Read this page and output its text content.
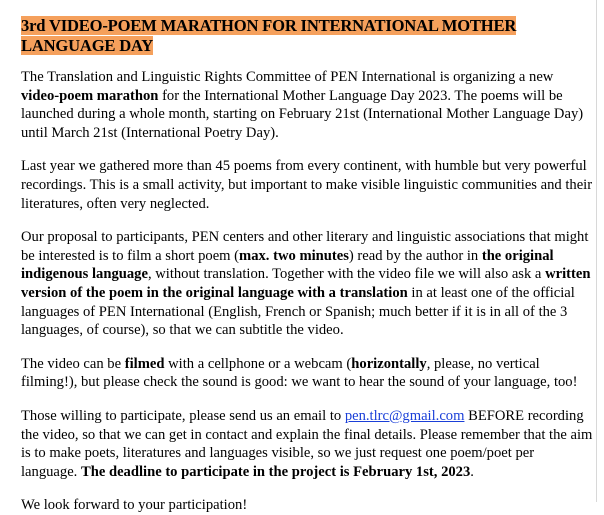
3rd VIDEO-POEM MARATHON FOR INTERNATIONAL MOTHER
LANGUAGE DAY

The Translation and Linguistic Rights Committee of PEN International is organizing a new video-poem marathon for the International Mother Language Day 2023. The poems will be launched during a whole month, starting on February 21st (International Mother Language Day) until March 21st (International Poetry Day).

Last year we gathered more than 45 poems from every continent, with humble but very powerful recordings. This is a small activity, but important to make visible linguistic communities and their literatures, often very neglected.

Our proposal to participants, PEN centers and other literary and linguistic associations that might be interested is to film a short poem (max. two minutes) read by the author in the original indigenous language, without translation. Together with the video file we will also ask a written version of the poem in the original language with a translation in at least one of the official languages of PEN International (English, French or Spanish; much better if it is in all of the 3 languages, of course), so that we can subtitle the video.

The video can be filmed with a cellphone or a webcam (horizontally, please, no vertical filming!), but please check the sound is good: we want to hear the sound of your language, too!

Those willing to participate, please send us an email to pen.tlrc@gmail.com BEFORE recording the video, so that we can get in contact and explain the final details. Please remember that the aim is to make poets, literatures and languages visible, so we just request one poem/poet per language. The deadline to participate in the project is February 1st, 2023.

We look forward to your participation!
